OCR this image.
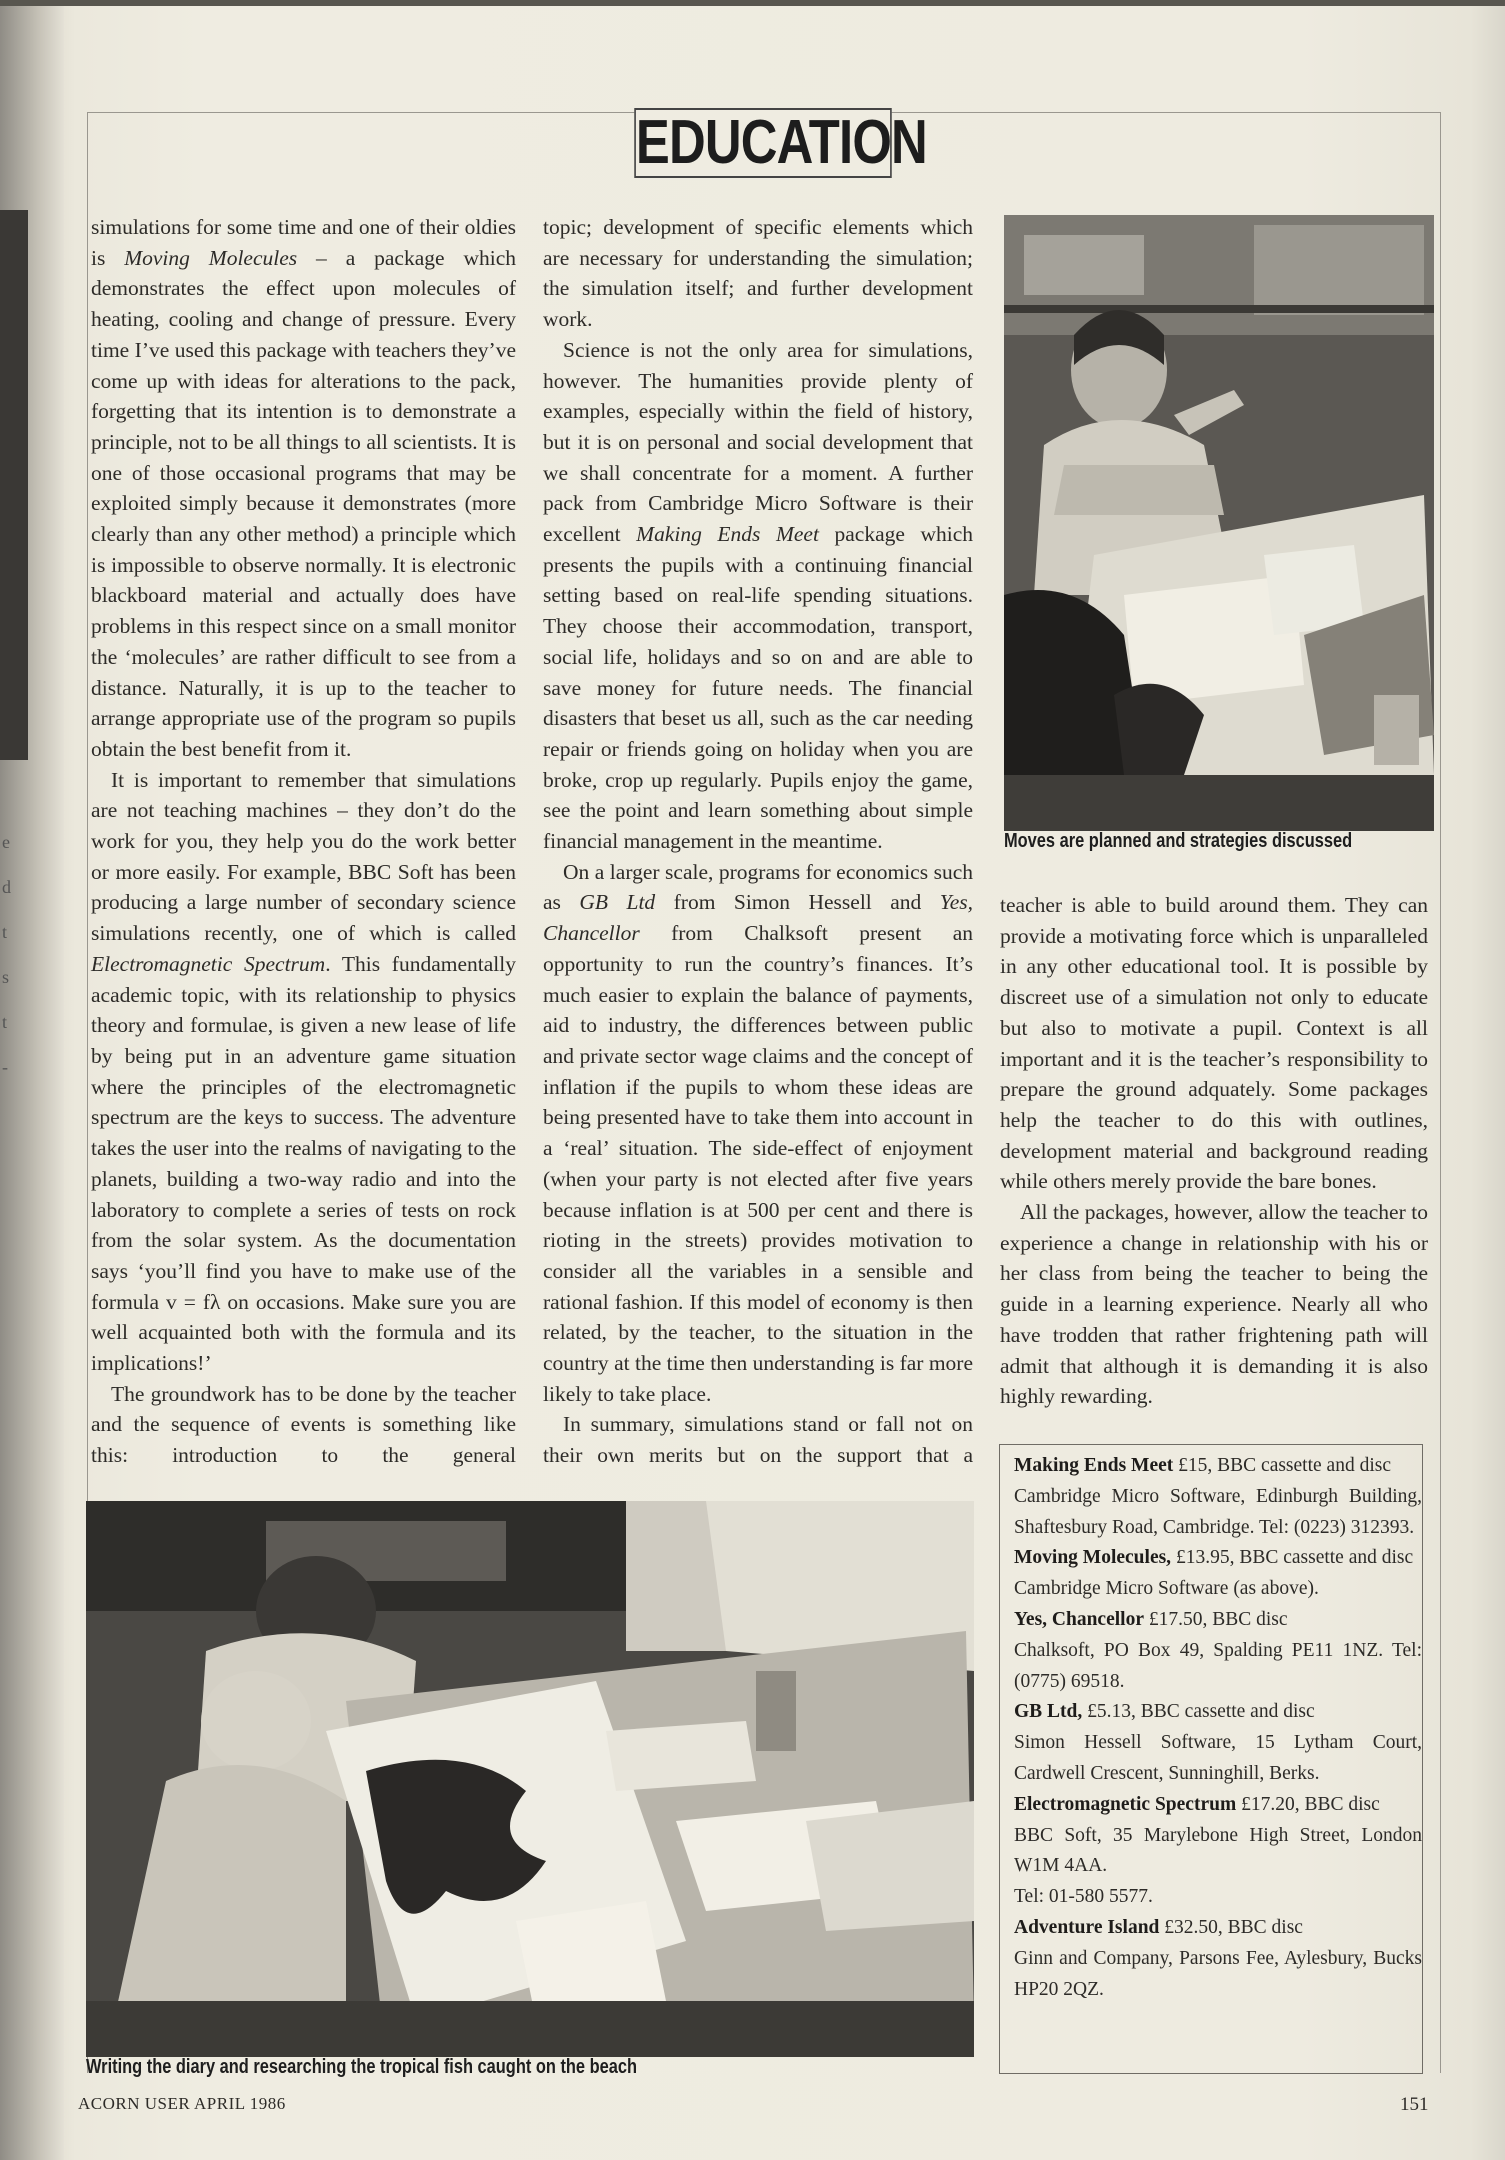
e
d
t
s
t
-
EDUCATION

simulations for some time and one of their oldies is Moving Molecules – a package which demonstrates the effect upon molecules of heating, cooling and change of pressure. Every time I’ve used this package with teachers they’ve come up with ideas for alterations to the pack, forgetting that its intention is to demonstrate a principle, not to be all things to all scientists. It is one of those occasional programs that may be exploited simply because it demonstrates (more clearly than any other method) a principle which is impossible to observe normally. It is electronic blackboard material and actually does have problems in this respect since on a small monitor the ‘molecules’ are rather difficult to see from a distance. Naturally, it is up to the teacher to arrange appropriate use of the program so pupils obtain the best benefit from it.

It is important to remember that simulations are not teaching machines – they don’t do the work for you, they help you do the work better or more easily. For example, BBC Soft has been producing a large number of secondary science simulations recently, one of which is called Electromagnetic Spectrum. This fundamentally academic topic, with its relationship to physics theory and formulae, is given a new lease of life by being put in an adventure game situation where the principles of the electromagnetic spectrum are the keys to success. The adventure takes the user into the realms of navigating to the planets, building a two-way radio and into the laboratory to complete a series of tests on rock from the solar system. As the documentation says ‘you’ll find you have to make use of the formula v = fλ on occasions. Make sure you are well acquainted both with the formula and its implications!’

The groundwork has to be done by the teacher and the sequence of events is something like this: introduction to the general

topic; development of specific elements which are necessary for understanding the simulation; the simulation itself; and further development work.

Science is not the only area for simulations, however. The humanities provide plenty of examples, especially within the field of history, but it is on personal and social development that we shall concentrate for a moment. A further pack from Cambridge Micro Software is their excellent Making Ends Meet package which presents the pupils with a continuing financial setting based on real-life spending situations. They choose their accommodation, transport, social life, holidays and so on and are able to save money for future needs. The financial disasters that beset us all, such as the car needing repair or friends going on holiday when you are broke, crop up regularly. Pupils enjoy the game, see the point and learn something about simple financial management in the meantime.

On a larger scale, programs for economics such as GB Ltd from Simon Hessell and Yes, Chancellor from Chalksoft present an opportunity to run the country’s finances. It’s much easier to explain the balance of payments, aid to industry, the differences between public and private sector wage claims and the concept of inflation if the pupils to whom these ideas are being presented have to take them into account in a ‘real’ situation. The side-effect of enjoyment (when your party is not elected after five years because inflation is at 500 per cent and there is rioting in the streets) provides motivation to consider all the variables in a sensible and rational fashion. If this model of economy is then related, by the teacher, to the situation in the country at the time then understanding is far more likely to take place.

In summary, simulations stand or fall not on their own merits but on the support that a

Moves are planned and strategies discussed

teacher is able to build around them. They can provide a motivating force which is unparalleled in any other educational tool. It is possible by discreet use of a simulation not only to educate but also to motivate a pupil. Context is all important and it is the teacher’s responsibility to prepare the ground adquately. Some packages help the teacher to do this with outlines, development material and background reading while others merely provide the bare bones.

All the packages, however, allow the teacher to experience a change in relationship with his or her class from being the teacher to being the guide in a learning experience. Nearly all who have trodden that rather frightening path will admit that although it is demanding it is also highly rewarding.

Writing the diary and researching the tropical fish caught on the beach
Making Ends Meet £15, BBC cassette and disc
Cambridge Micro Software, Edinburgh Building, Shaftesbury Road, Cambridge. Tel: (0223) 312393.
Moving Molecules, £13.95, BBC cassette and disc
Cambridge Micro Software (as above).
Yes, Chancellor £17.50, BBC disc
Chalksoft, PO Box 49, Spalding PE11 1NZ. Tel: (0775) 69518.
GB Ltd, £5.13, BBC cassette and disc
Simon Hessell Software, 15 Lytham Court, Cardwell Crescent, Sunninghill, Berks.
Electromagnetic Spectrum £17.20, BBC disc
BBC Soft, 35 Marylebone High Street, London W1M 4AA.
Tel: 01-580 5577.
Adventure Island £32.50, BBC disc
Ginn and Company, Parsons Fee, Aylesbury, Bucks HP20 2QZ.
ACORN USER APRIL 1986	151
